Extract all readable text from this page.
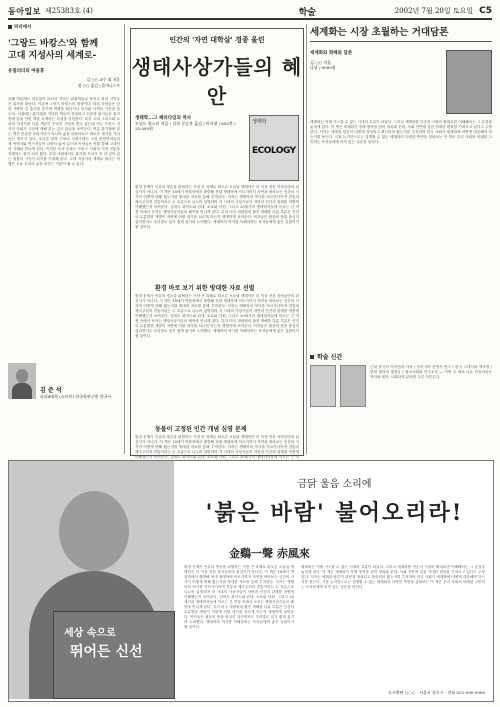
동아일보 제25383호 (4)	학술	2002년 7월 20일 토요일 C5
파리에서
'그랑드 바캉스'와 함께
고대 지성사의 세계로-
유럽리더의 여름휴
김 ○○ 교수 외 지음
장 ○○ 옮김 / 휴머니스트
올해 여름에도 어김없이 파리의 거리는 관광객들로 붐비고 파리 시민들은 휴가를 떠난다. 이른바 그랑드 바캉스의 계절이다. 파리 사람들은 한달 가량의 긴 휴가를 즐기며 여행을 떠나거나 독서와 사색의 시간을 갖는다. 서점에는 휴가철을 겨냥한 책들이 진열되고 신문과 잡지들은 휴가 중에 읽을 만한 책을 소개하는 특집을 마련한다. 특히 고대 그리스와 로마의 지성사를 다룬 책들이 꾸준히 사랑을 받고 있는데 이는 프랑스 지식인 사회가 고전에 대해 갖는 깊은 관심을 보여준다. 여름 휴가철에 읽는 책은 단순한 오락거리가 아니라 삶을 되돌아보고 새로운 생각을 가다듬는 계기가 된다. 소르본 대학 근처의 서점가에는 고전 문헌학자들의 새 번역서와 연구서들이 나란히 놓여 있으며 독자들은 이를 통해 고대인의 지혜와 만나게 된다. 이러한 독서 문화는 프랑스 사회의 지적 전통을 지탱하는 힘이 되어 왔다. 우리 사회에서도 휴가철 독서가 좀 더 깊이 있는 성찰의 시간이 되기를 기대해 본다. 고대 지성사의 세계로 떠나는 여행은 오늘 우리의 삶을 비추는 거울이 될 수 있다.
김 준 석
파리4대학 (소르본) 한국학연구원 한국사
인간의 '자연 대학살' 경종 울린
생태사상가들의 혜안
생태학...그 패러다임의 역사
도널드 워스터 지음 / 강헌 문순홍 옮김 / 아카넷 / 655쪽 / 25,000원
생태학
ECOLOGY
환경 문제가 인류의 생존을 위협하는 가장 큰 과제로 떠오른 오늘날 생태학은 더 이상 전문 학자들만의 관심사가 아니다. 이 책은 18세기 박물학에서 출발해 현대 생태학에 이르기까지 자연을 바라보는 인간의 시각이 어떻게 변해 왔는지를 방대한 자료를 통해 추적한다. 저자는 생태학의 역사를 아르카디아적 전통과 제국주의적 전통이라는 두 흐름으로 나누어 설명하며 각 시대의 사상가들이 자연과 인간의 관계를 어떻게 이해했는지 보여준다. 길버트 화이트와 린네, 소로와 다윈, 그리고 20세기의 생태학자들에 이르는 긴 여정 속에서 독자는 생태사상가들의 혜안을 만나게 된다. 특히 미국 대평원의 황진 재해를 다룬 부분은 인간의 무분별한 개발이 자연에 어떤 대가를 치르게 하는지 생생하게 보여준다. 역자들은 원문의 뜻을 충실히 살리면서도 우리말로 읽기 쉽게 옮기려 노력했다. 생태학의 역사를 이해하려는 독자들에게 좋은 길잡이가 될 것이다.
환경 바로 보기 위한 방대한 자료 선별
환경 문제가 인류의 생존을 위협하는 가장 큰 과제로 떠오른 오늘날 생태학은 더 이상 전문 학자들만의 관심사가 아니다. 이 책은 18세기 박물학에서 출발해 현대 생태학에 이르기까지 자연을 바라보는 인간의 시각이 어떻게 변해 왔는지를 방대한 자료를 통해 추적한다. 저자는 생태학의 역사를 아르카디아적 전통과 제국주의적 전통이라는 두 흐름으로 나누어 설명하며 각 시대의 사상가들이 자연과 인간의 관계를 어떻게 이해했는지 보여준다. 길버트 화이트와 린네, 소로와 다윈, 그리고 20세기의 생태학자들에 이르는 긴 여정 속에서 독자는 생태사상가들의 혜안을 만나게 된다. 특히 미국 대평원의 황진 재해를 다룬 부분은 인간의 무분별한 개발이 자연에 어떤 대가를 치르게 하는지 생생하게 보여준다. 역자들은 원문의 뜻을 충실히 살리면서도 우리말로 읽기 쉽게 옮기려 노력했다. 생태학의 역사를 이해하려는 독자들에게 좋은 길잡이가 될 것이다.
동물이 고정된 인간 개념 심영 문제
환경 문제가 인류의 생존을 위협하는 가장 큰 과제로 떠오른 오늘날 생태학은 더 이상 전문 학자들만의 관심사가 아니다. 이 책은 18세기 박물학에서 출발해 현대 생태학에 이르기까지 자연을 바라보는 인간의 시각이 어떻게 변해 왔는지를 방대한 자료를 통해 추적한다. 저자는 생태학의 역사를 아르카디아적 전통과 제국주의적 전통이라는 두 흐름으로 나누어 설명하며 각 시대의 사상가들이 자연과 인간의 관계를 어떻게 이해했는지 보여준다. 길버트 화이트와 린네, 소로와 다윈, 그리고 20세기의 생태학자들에 이르는 긴 여
세계화는 시장 초월하는 거대담론
세계화와 화해와 담론
김 ○○ 지음
나남 / 0000원
세계화는 이제 거스를 수 없는 시대의 흐름이 되었다. 그러나 세계화를 단순히 시장의 확대로만 이해해서는 그 본질을 놓치게 된다. 이 책은 세계화가 경제 영역을 넘어 정치와 문화, 사회 전반에 걸친 거대한 변화를 가져오고 있다고 주장한다. 저자는 세계화 담론이 어떻게 형성되고 확산되어 왔는지를 추적하며 한국 사회가 세계화에 어떻게 대응해야 하는지를 묻는다. 시장 논리만으로는 설명할 수 없는 세계화의 다양한 측면을 살펴보는 이 책은 우리 사회의 미래를 고민하는 독자들에게 의미 있는 질문을 던진다.
학술 신간
근대 한국의 지식인과 사상 / 동아시아 문명사 연구 / 한국 고대사의 재조명 / 현대 철학의 쟁점들 / 정보사회와 민주주의 — 이번 주 새로 나온 학술서들은 역사와 철학, 사회과학 분야를 두루 아우른다.
세상 속으로
뛰어든 신선
금닭 울음 소리에
'붉은 바람' 불어오리라!
金鷄一聲 赤風來
환경 문제가 인류의 생존을 위협하는 가장 큰 과제로 떠오른 오늘날 생태학은 더 이상 전문 학자들만의 관심사가 아니다. 이 책은 18세기 박물학에서 출발해 현대 생태학에 이르기까지 자연을 바라보는 인간의 시각이 어떻게 변해 왔는지를 방대한 자료를 통해 추적한다. 저자는 생태학의 역사를 아르카디아적 전통과 제국주의적 전통이라는 두 흐름으로 나누어 설명하며 각 시대의 사상가들이 자연과 인간의 관계를 어떻게 이해했는지 보여준다. 길버트 화이트와 린네, 소로와 다윈, 그리고 20세기의 생태학자들에 이르는 긴 여정 속에서 독자는 생태사상가들의 혜안을 만나게 된다. 특히 미국 대평원의 황진 재해를 다룬 부분은 인간의 무분별한 개발이 자연에 어떤 대가를 치르게 하는지 생생하게 보여준다. 역자들은 원문의 뜻을 충실히 살리면서도 우리말로 읽기 쉽게 옮기려 노력했다. 생태학의 역사를 이해하려는 독자들에게 좋은 길잡이가 될 것이다.
세계화는 이제 거스를 수 없는 시대의 흐름이 되었다. 그러나 세계화를 단순히 시장의 확대로만 이해해서는 그 본질을 놓치게 된다. 이 책은 세계화가 경제 영역을 넘어 정치와 문화, 사회 전반에 걸친 거대한 변화를 가져오고 있다고 주장한다. 저자는 세계화 담론이 어떻게 형성되고 확산되어 왔는지를 추적하며 한국 사회가 세계화에 어떻게 대응해야 하는지를 묻는다. 시장 논리만으로는 설명할 수 없는 세계화의 다양한 측면을 살펴보는 이 책은 우리 사회의 미래를 고민하는 독자들에게 의미 있는 질문을 던진다.
도서출판 ○○○ · 서울시 종로구 · 전화 (02) 000-0000
